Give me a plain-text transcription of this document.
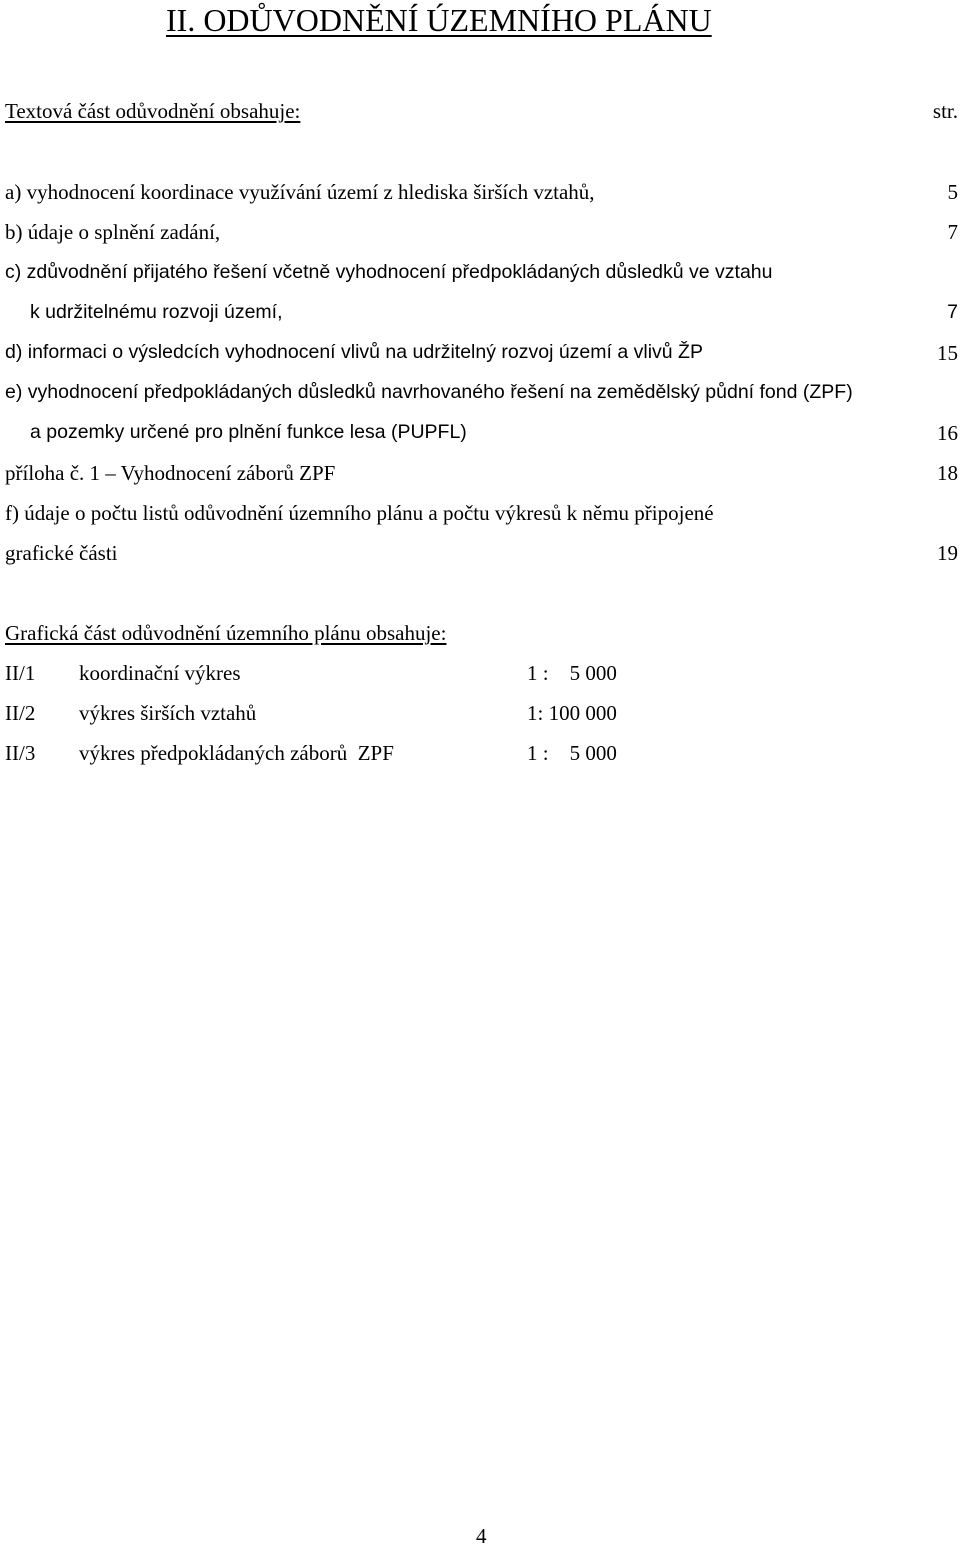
II. ODŮVODNĚNÍ ÚZEMNÍHO PLÁNU
Textová část odůvodnění obsahuje:	str.
a) vyhodnocení koordinace využívání území z hlediska širších vztahů,	5
b) údaje o splnění zadání,	7
c) zdůvodnění přijatého řešení včetně vyhodnocení předpokládaných důsledků ve vztahu
k udržitelnému rozvoji území,	7
d) informaci o výsledcích vyhodnocení vlivů na udržitelný rozvoj území a vlivů ŽP	15
e) vyhodnocení předpokládaných důsledků navrhovaného řešení na zemědělský půdní fond (ZPF)
a pozemky určené pro plnění funkce lesa (PUPFL)	16
příloha č. 1 – Vyhodnocení záborů ZPF	18
f) údaje o počtu listů odůvodnění územního plánu a počtu výkresů k němu připojené
grafické části	19
Grafická část odůvodnění územního plánu obsahuje:
II/1 koordinační výkres	1 :    5 000
II/2 výkres širších vztahů	1: 100 000
II/3 výkres předpokládaných záborů  ZPF	1 :    5 000
4
